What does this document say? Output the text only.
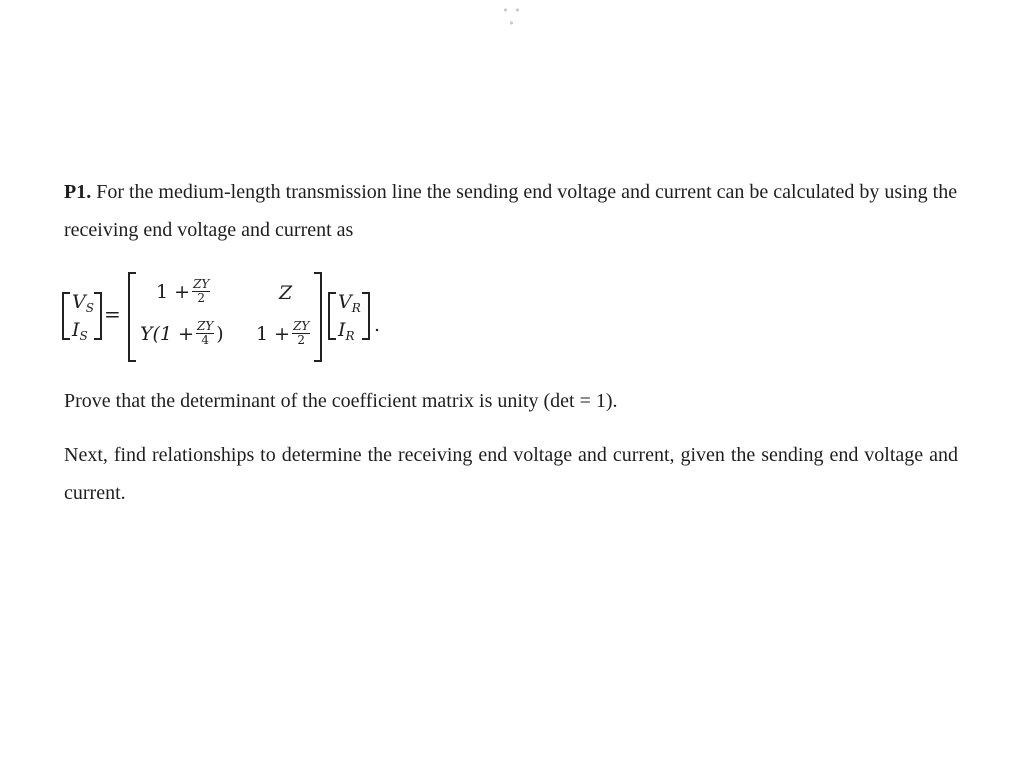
• • •

P1. For the medium-length transmission line the sending end voltage and current can be calculated by using the receiving end voltage and current as

$V_S$
$I_S$
=
$1 + \frac{ZY}{2}$	Z
$Y(1 + \frac{ZY}{4}$ ) $1 + \frac{ZY}{2}$
$V_R$
$I_R$	.

Prove that the determinant of the coefficient matrix is unity (det = 1).

Next, find relationships to determine the receiving end voltage and current, given the sending end voltage and current.
